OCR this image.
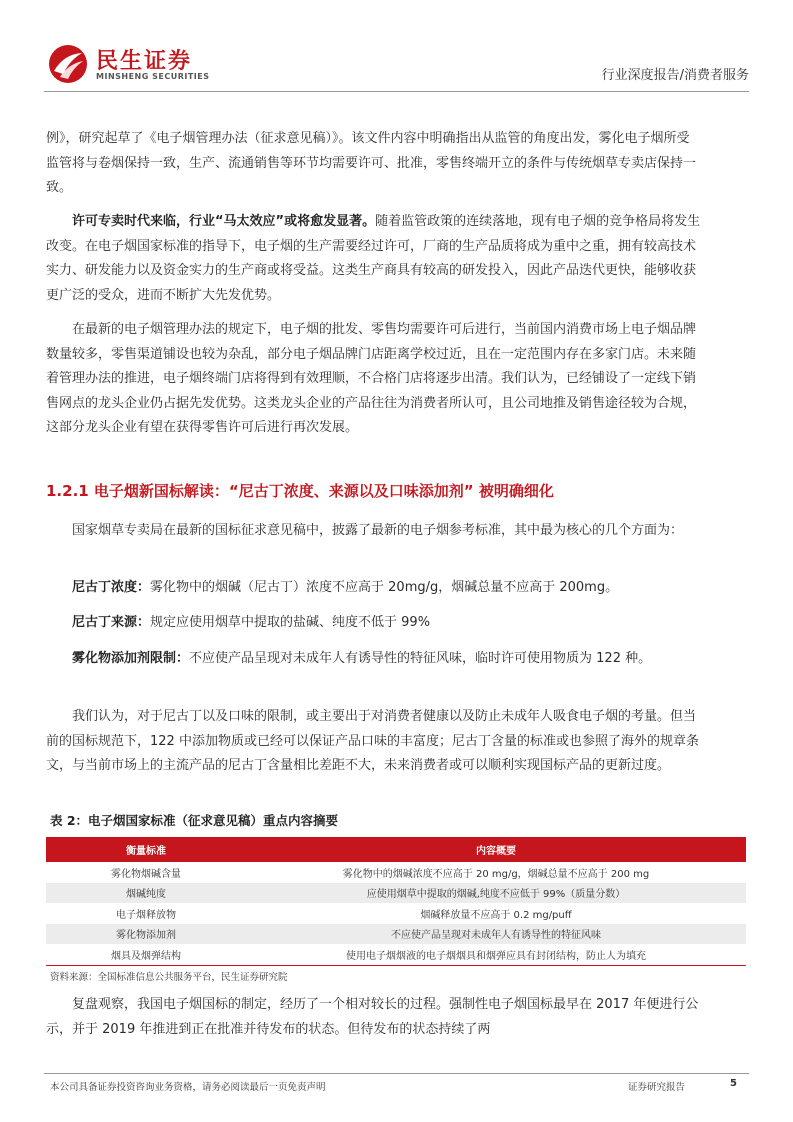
民生证券
MINSHENG SECURITIES	行业深度报告/消费者服务

例》，研究起草了《电子烟管理办法（征求意见稿）》。该文件内容中明确指出从监管的角度出发，雾化电子烟所受监管将与卷烟保持一致，生产、流通销售等环节均需要许可、批准，零售终端开立的条件与传统烟草专卖店保持一致。

许可专卖时代来临，行业“马太效应”或将愈发显著。随着监管政策的连续落地，现有电子烟的竞争格局将发生改变。在电子烟国家标准的指导下，电子烟的生产需要经过许可，厂商的生产品质将成为重中之重，拥有较高技术实力、研发能力以及资金实力的生产商或将受益。这类生产商具有较高的研发投入，因此产品迭代更快，能够收获更广泛的受众，进而不断扩大先发优势。

在最新的电子烟管理办法的规定下，电子烟的批发、零售均需要许可后进行，当前国内消费市场上电子烟品牌数量较多，零售渠道铺设也较为杂乱，部分电子烟品牌门店距离学校过近，且在一定范围内存在多家门店。未来随着管理办法的推进，电子烟终端门店将得到有效理顺，不合格门店将逐步出清。我们认为，已经铺设了一定线下销售网点的龙头企业仍占据先发优势。这类龙头企业的产品往往为消费者所认可，且公司地推及销售途径较为合规，这部分龙头企业有望在获得零售许可后进行再次发展。

1.2.1 电子烟新国标解读：“尼古丁浓度、来源以及口味添加剂” 被明确细化

国家烟草专卖局在最新的国标征求意见稿中，披露了最新的电子烟参考标准，其中最为核心的几个方面为：

尼古丁浓度：雾化物中的烟碱（尼古丁）浓度不应高于 20mg/g，烟碱总量不应高于 200mg。

尼古丁来源：规定应使用烟草中提取的盐碱、纯度不低于 99%

雾化物添加剂限制：不应使产品呈现对未成年人有诱导性的特征风味，临时许可使用物质为 122 种。

我们认为，对于尼古丁以及口味的限制，或主要出于对消费者健康以及防止未成年人吸食电子烟的考量。但当前的国标规范下，122 中添加物质或已经可以保证产品口味的丰富度；尼古丁含量的标准或也参照了海外的规章条文，与当前市场上的主流产品的尼古丁含量相比差距不大，未来消费者或可以顺利实现国标产品的更新过度。

表 2：电子烟国家标准（征求意见稿）重点内容摘要
衡量标准	内容概要
雾化物烟碱含量	雾化物中的烟碱浓度不应高于 20 mg/g，烟碱总量不应高于 200 mg
烟碱纯度	应使用烟草中提取的烟碱,纯度不应低于 99%（质量分数）
电子烟释放物	烟碱释放量不应高于 0.2 mg/puff
雾化物添加剂	不应使产品呈现对未成年人有诱导性的特征风味
烟具及烟弹结构	使用电子烟烟液的电子烟烟具和烟弹应具有封闭结构，防止人为填充
资料来源：全国标准信息公共服务平台，民生证券研究院

复盘观察，我国电子烟国标的制定，经历了一个相对较长的过程。强制性电子烟国标最早在 2017 年便进行公示，并于 2019 年推进到正在批准并待发布的状态。但待发布的状态持续了两

本公司具备证券投资咨询业务资格，请务必阅读最后一页免责声明	证券研究报告	5
